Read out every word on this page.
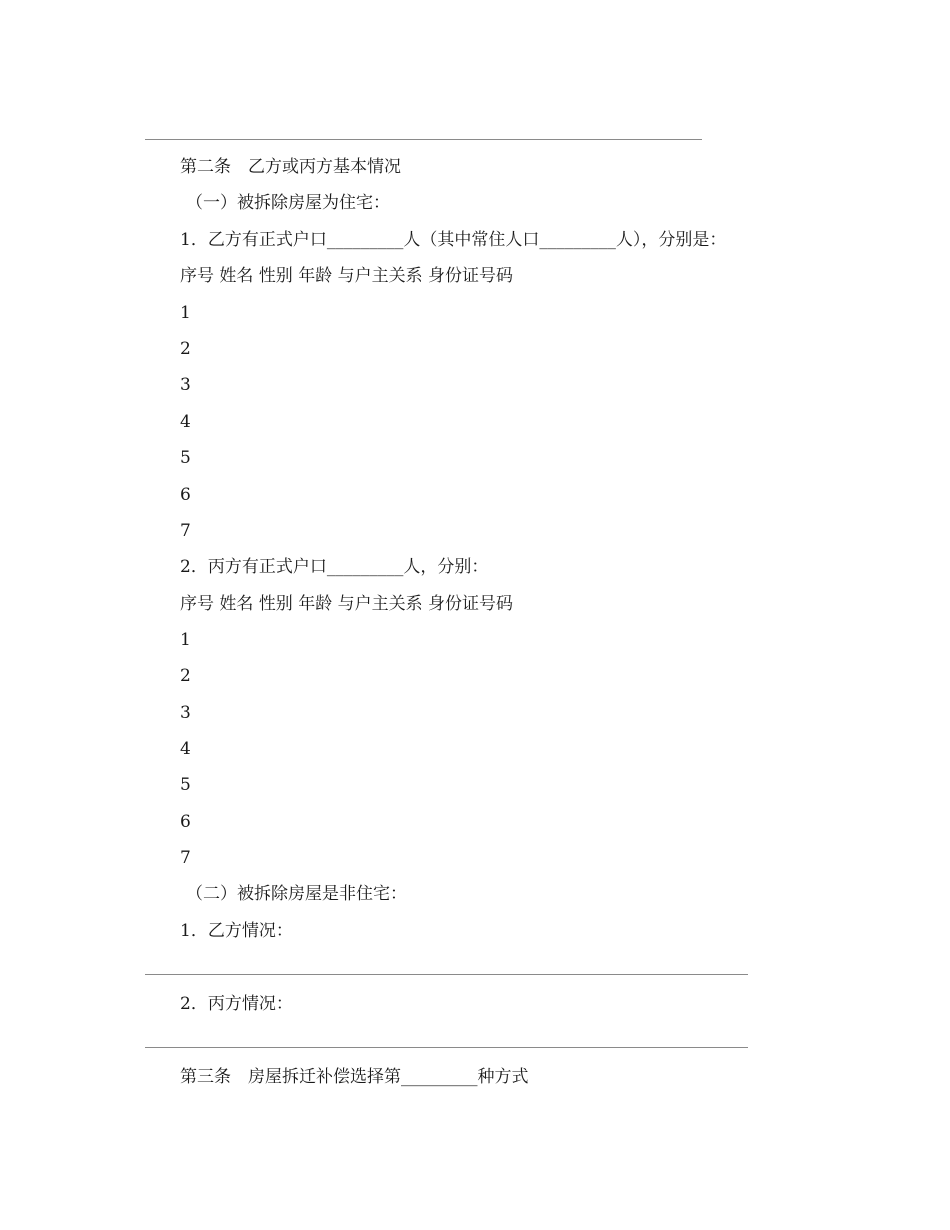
第二条　乙方或丙方基本情况
（一）被拆除房屋为住宅：
1．乙方有正式户口_________人（其中常住人口_________人），分别是：
序号 姓名 性别 年龄 与户主关系 身份证号码
1
2
3
4
5
6
7
2．丙方有正式户口_________人，分别：
序号 姓名 性别 年龄 与户主关系 身份证号码
1
2
3
4
5
6
7
（二）被拆除房屋是非住宅：
1．乙方情况：
2．丙方情况：
第三条　房屋拆迁补偿选择第_________种方式
